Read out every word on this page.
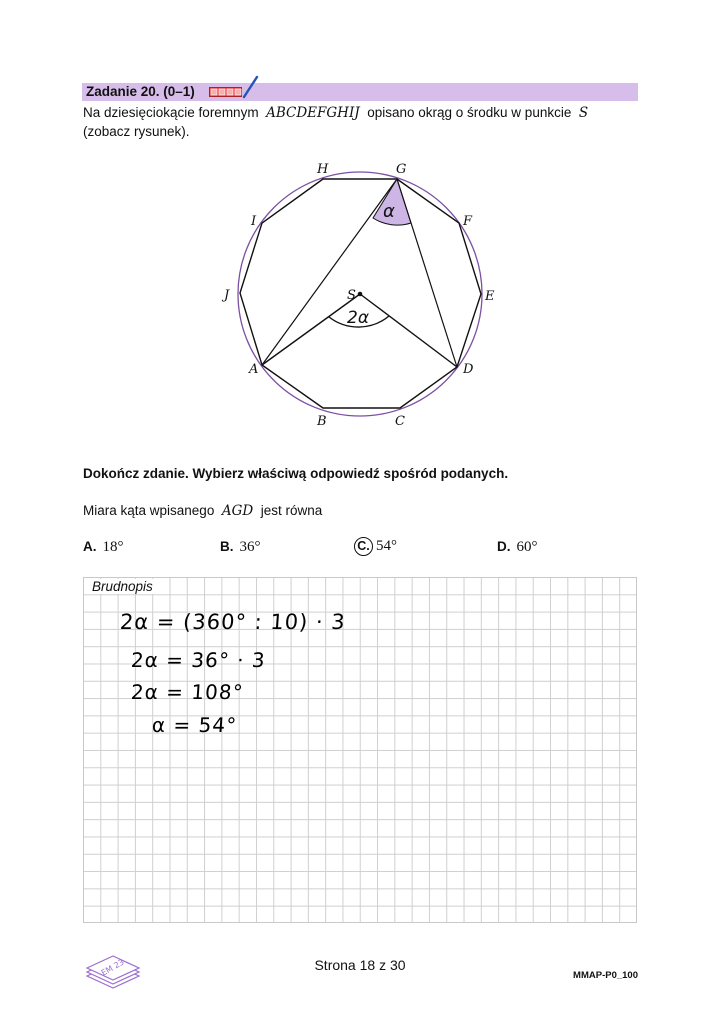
Zadanie 20. (0–1)
Na dziesięciokącie foremnym ABCDEFGHIJ opisano okrąg o środku w punkcie S
(zobacz rysunek).
A
B	C
D
E
F
G
H
I
J	S
α
2α
Dokończ zdanie. Wybierz właściwą odpowiedź spośród podanych.
Miara kąta wpisanego AGD jest równa
A. 18°	B. 36°	C. 54°	D. 60°
Brudnopis
2α = (360° : 10) · 3
2α = 36° · 3
2α = 108°
α = 54°
EM 23	Strona 18 z 30
MMAP-P0_100
